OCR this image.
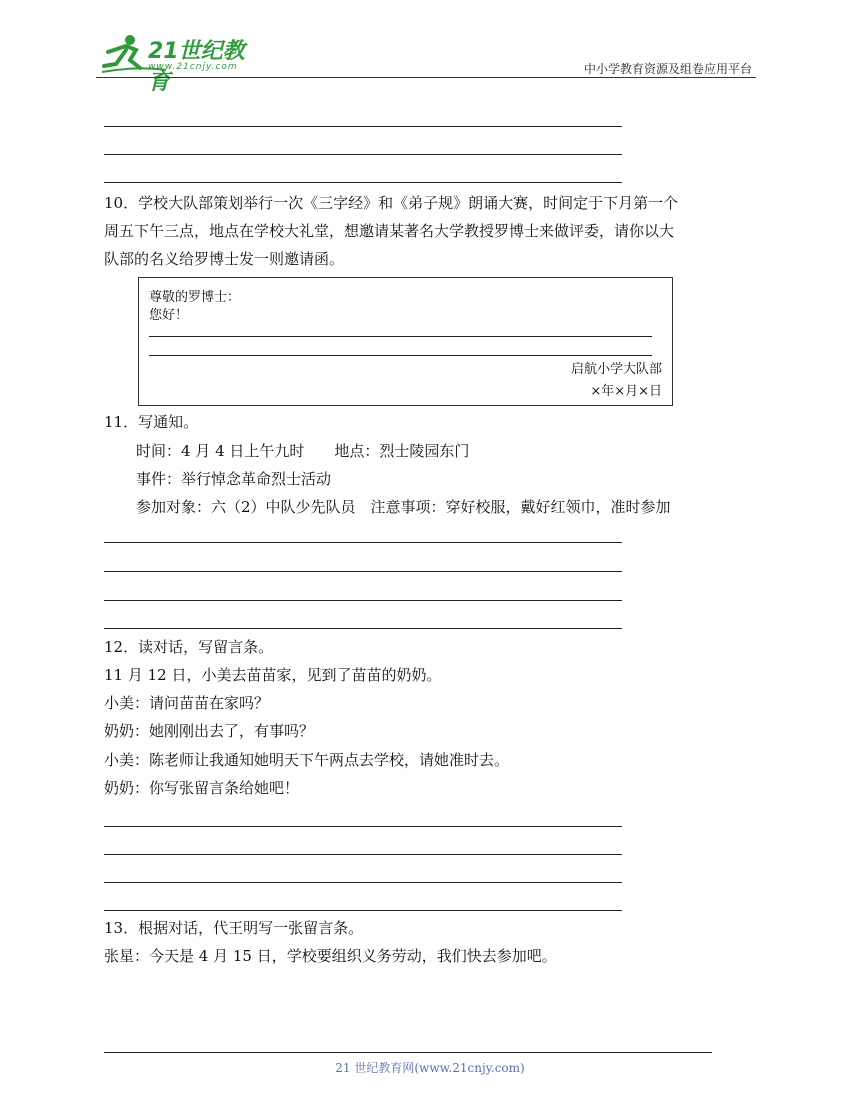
21世纪教育
www.21cnjy.com	中小学教育资源及组卷应用平台
10．学校大队部策划举行一次《三字经》和《弟子规》朗诵大赛，时间定于下月第一个
周五下午三点，地点在学校大礼堂，想邀请某著名大学教授罗博士来做评委，请你以大
队部的名义给罗博士发一则邀请函。
尊敬的罗博士：
您好！
启航小学大队部
×年×月×日
11．写通知。
时间：4 月 4 日上午九时　　地点：烈士陵园东门
事件：举行悼念革命烈士活动
参加对象：六（2）中队少先队员　注意事项：穿好校服，戴好红领巾，准时参加
12．读对话，写留言条。
11 月 12 日，小美去苗苗家，见到了苗苗的奶奶。
小美：请问苗苗在家吗？
奶奶：她刚刚出去了，有事吗？
小美：陈老师让我通知她明天下午两点去学校，请她准时去。
奶奶：你写张留言条给她吧！
13．根据对话，代王明写一张留言条。
张星：今天是 4 月 15 日，学校要组织义务劳动，我们快去参加吧。
21 世纪教育网(www.21cnjy.com)
